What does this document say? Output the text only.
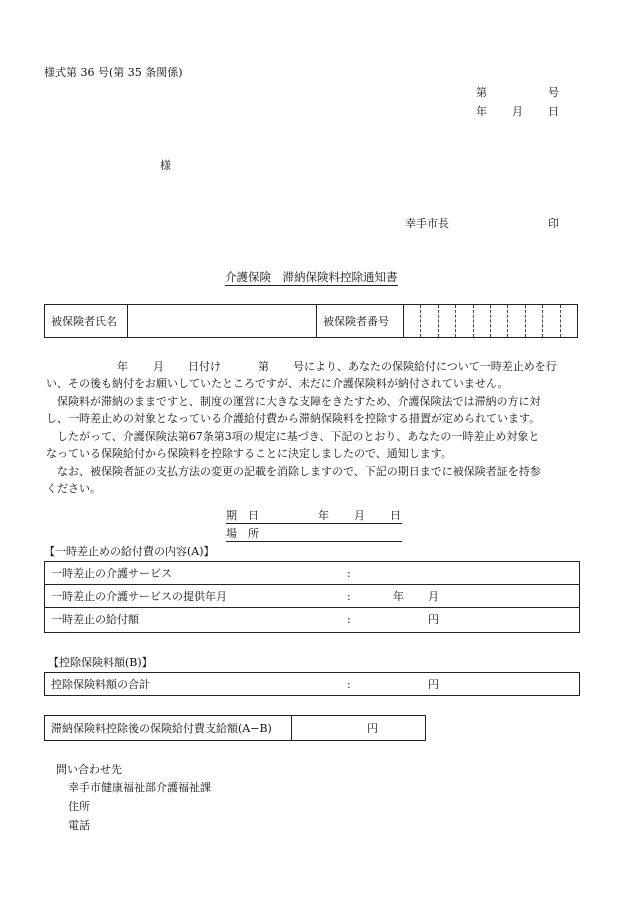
様式第 36 号(第 35 条関係)
第	号
年 月 日
様
幸手市長	印
介護保険　滞納保険料控除通知書
被保険者氏名		被保険者番号	
年 月 日付け	第 号により、あなたの保険給付について一時差止めを行
い、その後も納付をお願いしていたところですが、未だに介護保険料が納付されていません。
保険料が滞納のままですと、制度の運営に大きな支障をきたすため、介護保険法では滞納の方に対
し、一時差止めの対象となっている介護給付費から滞納保険料を控除する措置が定められています。
したがって、介護保険法第67条第3項の規定に基づき、下記のとおり、あなたの一時差止め対象と
なっている保険給付から保険料を控除することに決定しましたので、通知します。
なお、被保険者証の支払方法の変更の記載を消除しますので、下記の期日までに被保険者証を持参
ください。
期　日	年 月 日
場　所
【一時差止めの給付費の内容(A)】
一時差止の介護サービス	:
一時差止の介護サービスの提供年月	:	年 月
一時差止の給付額	:	円
【控除保険料額(B)】
控除保険料額の合計	:	円
滞納保険料控除後の保険給付費支給額(A−B)	円
問い合わせ先
幸手市健康福祉部介護福祉課
住所
電話
